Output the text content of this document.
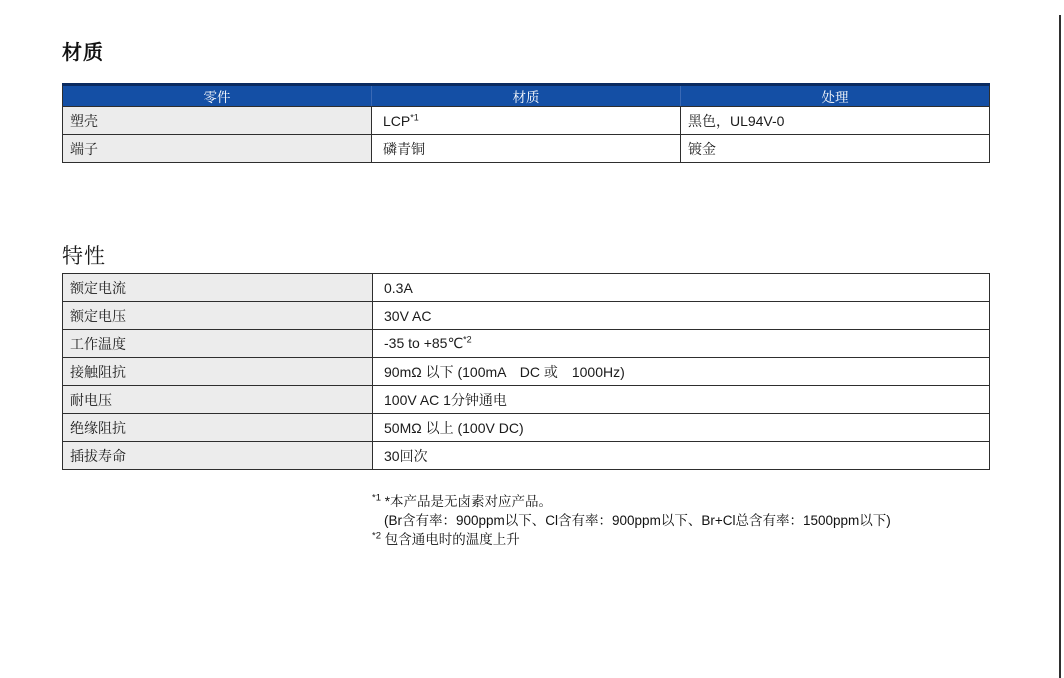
材质
零件	材质	处理
塑壳	LCP$^{*1}$	黑色，UL94V-0
端子	磷青铜	镀金
特性
额定电流	0.3A
额定电压	30V AC
工作温度	-35 to +85℃$^{*2}$
接触阻抗	90mΩ 以下 (100mA　DC 或　1000Hz)
耐电压	100V AC 1分钟通电
绝缘阻抗	50MΩ 以上 (100V DC)
插拔寿命	30回次
$^{*1}$ *本产品是无卤素对应产品。
(Br含有率：900ppm以下、Cl含有率：900ppm以下、Br+Cl总含有率：1500ppm以下)
$^{*2}$ 包含通电时的温度上升
